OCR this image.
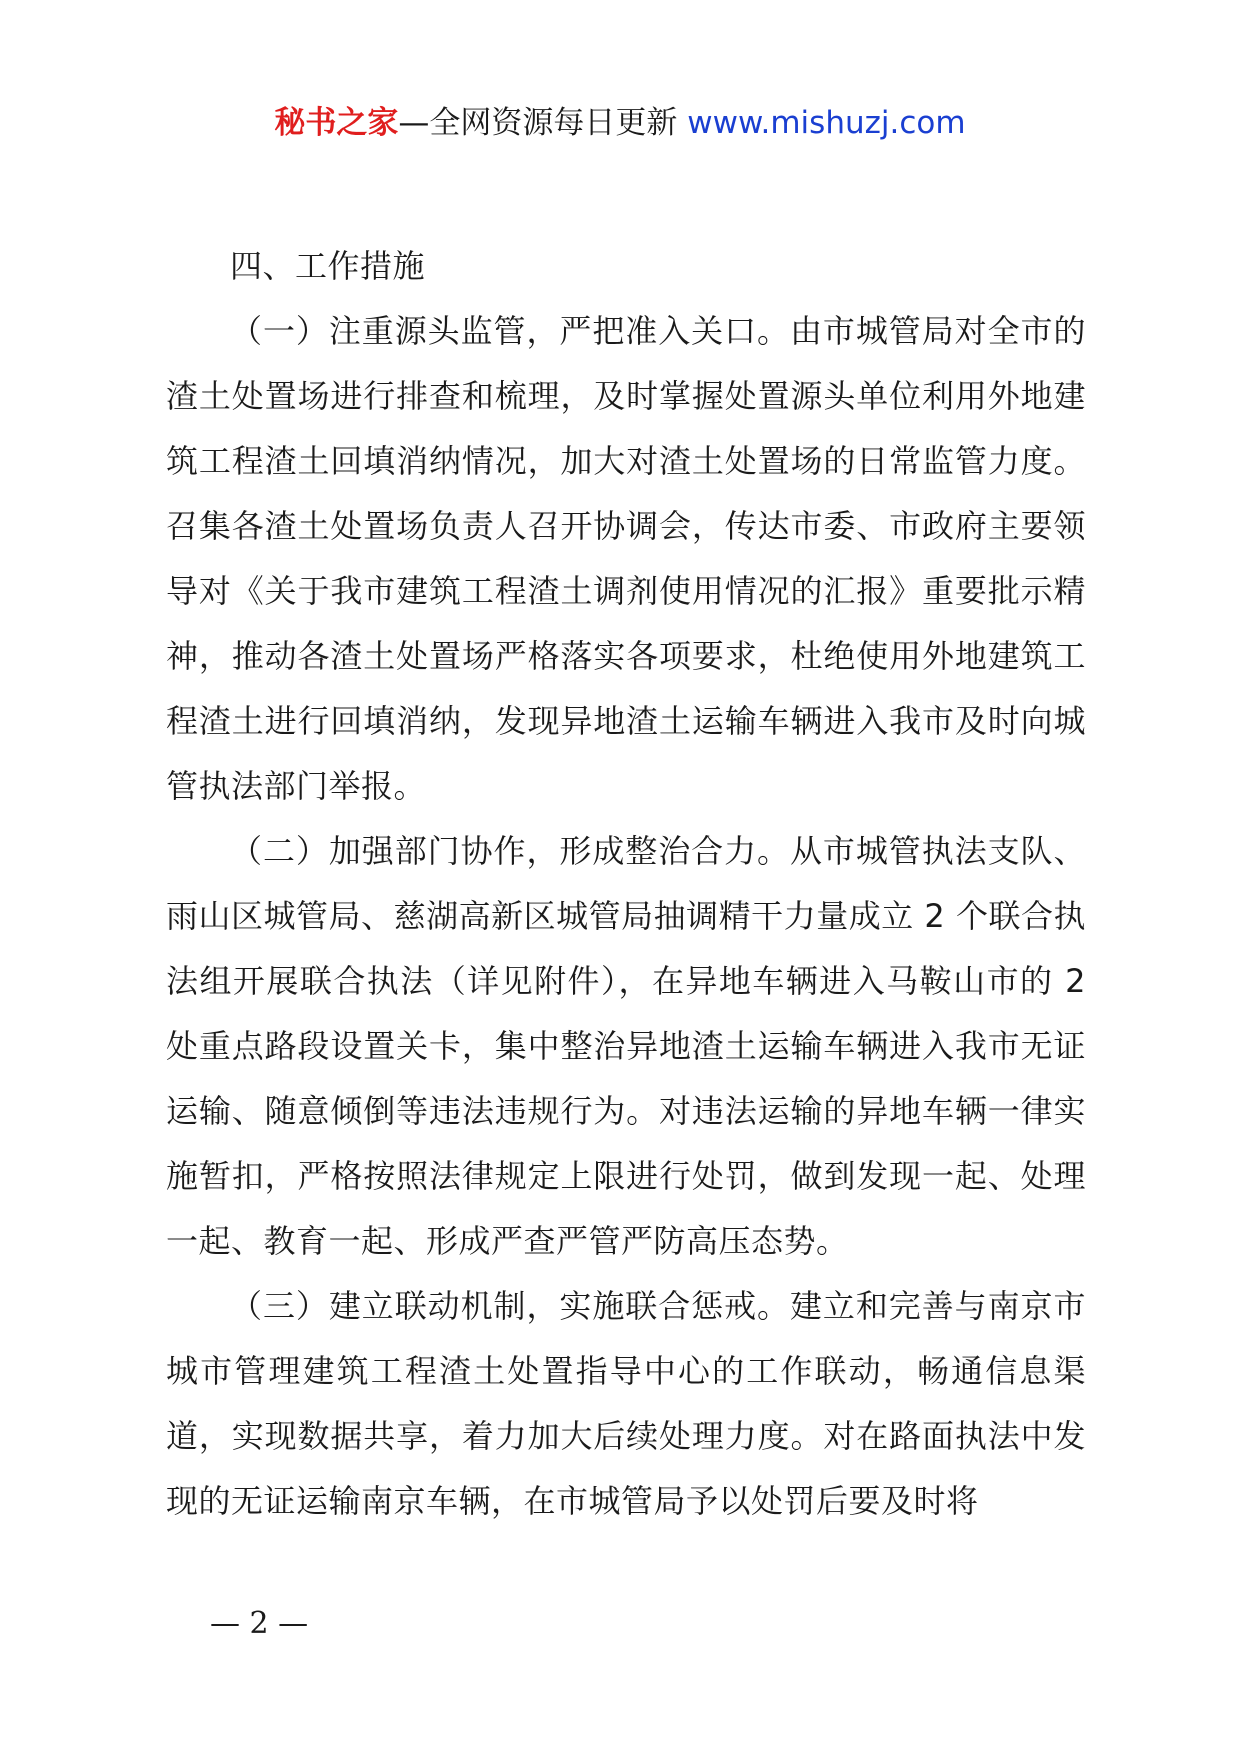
秘书之家—全网资源每日更新 www.mishuzj.com

四、工作措施

（一）注重源头监管，严把准入关口。由市城管局对全市的渣土处置场进行排查和梳理，及时掌握处置源头单位利用外地建筑工程渣土回填消纳情况，加大对渣土处置场的日常监管力度。召集各渣土处置场负责人召开协调会，传达市委、市政府主要领导对《关于我市建筑工程渣土调剂使用情况的汇报》重要批示精神，推动各渣土处置场严格落实各项要求，杜绝使用外地建筑工程渣土进行回填消纳，发现异地渣土运输车辆进入我市及时向城管执法部门举报。

（二）加强部门协作，形成整治合力。从市城管执法支队、雨山区城管局、慈湖高新区城管局抽调精干力量成立 2 个联合执法组开展联合执法（详见附件），在异地车辆进入马鞍山市的 2 处重点路段设置关卡，集中整治异地渣土运输车辆进入我市无证运输、随意倾倒等违法违规行为。对违法运输的异地车辆一律实施暂扣，严格按照法律规定上限进行处罚，做到发现一起、处理一起、教育一起、形成严查严管严防高压态势。

（三）建立联动机制，实施联合惩戒。建立和完善与南京市城市管理建筑工程渣土处置指导中心的工作联动，畅通信息渠道，实现数据共享，着力加大后续处理力度。对在路面执法中发现的无证运输南京车辆，在市城管局予以处罚后要及时将

— 2 —
